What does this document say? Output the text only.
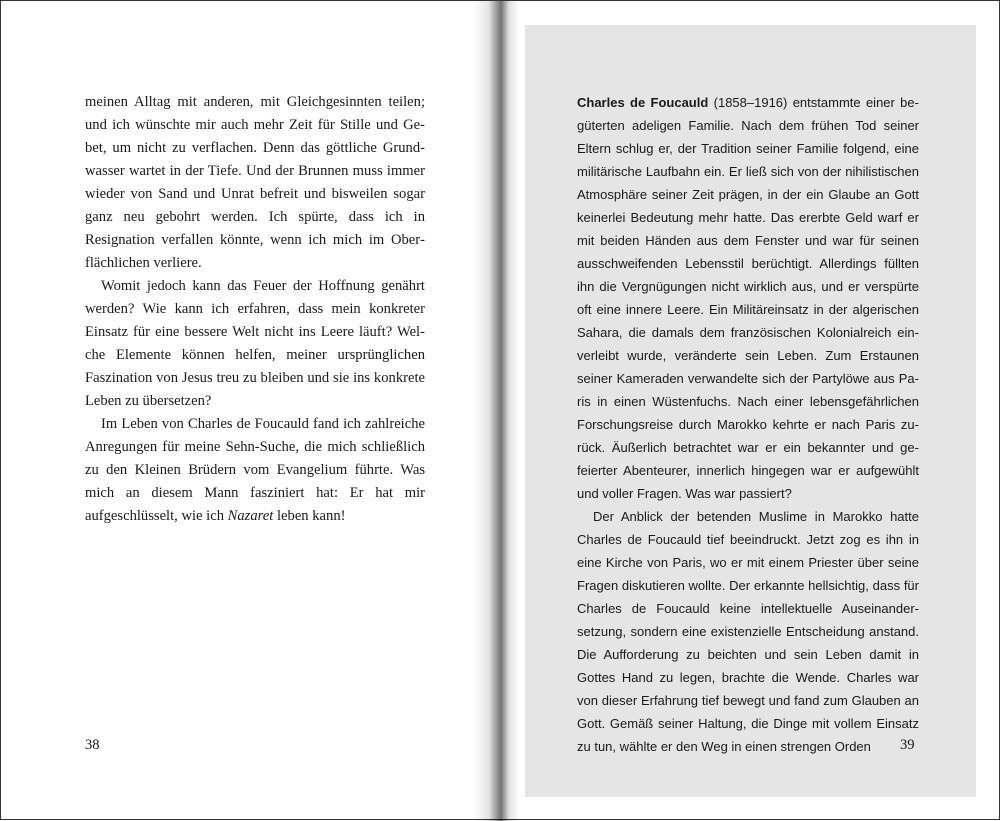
meinen Alltag mit anderen, mit Gleichgesinnten teilen; und ich wünschte mir auch mehr Zeit für Stille und Gebet, um nicht zu verflachen. Denn das göttliche Grundwasser wartet in der Tiefe. Und der Brunnen muss immer wieder von Sand und Unrat befreit und bisweilen sogar ganz neu gebohrt werden. Ich spürte, dass ich in Resignation verfallen könnte, wenn ich mich im Oberflächlichen verliere.

Womit jedoch kann das Feuer der Hoffnung genährt werden? Wie kann ich erfahren, dass mein konkreter Einsatz für eine bessere Welt nicht ins Leere läuft? Welche Elemente können helfen, meiner ursprünglichen Faszination von Jesus treu zu bleiben und sie ins konkrete Leben zu übersetzen?

Im Leben von Charles de Foucauld fand ich zahlreiche Anregungen für meine Sehn-Suche, die mich schließlich zu den Kleinen Brüdern vom Evangelium führte. Was mich an diesem Mann fasziniert hat: Er hat mir aufgeschlüsselt, wie ich Nazaret leben kann!

38

Charles de Foucauld (1858–1916) entstammte einer begüterten adeligen Familie. Nach dem frühen Tod seiner Eltern schlug er, der Tradition seiner Familie folgend, eine militärische Laufbahn ein. Er ließ sich von der nihilistischen Atmosphäre seiner Zeit prägen, in der ein Glaube an Gott keinerlei Bedeutung mehr hatte. Das ererbte Geld warf er mit beiden Händen aus dem Fenster und war für seinen ausschweifenden Lebensstil berüchtigt. Allerdings füllten ihn die Vergnügungen nicht wirklich aus, und er verspürte oft eine innere Leere. Ein Militäreinsatz in der algerischen Sahara, die damals dem französischen Kolonialreich einverleibt wurde, veränderte sein Leben. Zum Erstaunen seiner Kameraden verwandelte sich der Partylöwe aus Paris in einen Wüstenfuchs. Nach einer lebensgefährlichen Forschungsreise durch Marokko kehrte er nach Paris zurück. Äußerlich betrachtet war er ein bekannter und gefeierter Abenteurer, innerlich hingegen war er aufgewühlt und voller Fragen. Was war passiert?

Der Anblick der betenden Muslime in Marokko hatte Charles de Foucauld tief beeindruckt. Jetzt zog es ihn in eine Kirche von Paris, wo er mit einem Priester über seine Fragen diskutieren wollte. Der erkannte hellsichtig, dass für Charles de Foucauld keine intellektuelle Auseinandersetzung, sondern eine existenzielle Entscheidung anstand. Die Aufforderung zu beichten und sein Leben damit in Gottes Hand zu legen, brachte die Wende. Charles war von dieser Erfahrung tief bewegt und fand zum Glauben an Gott. Gemäß seiner Haltung, die Dinge mit vollem Einsatz zu tun, wählte er den Weg in einen strengen Orden	39
